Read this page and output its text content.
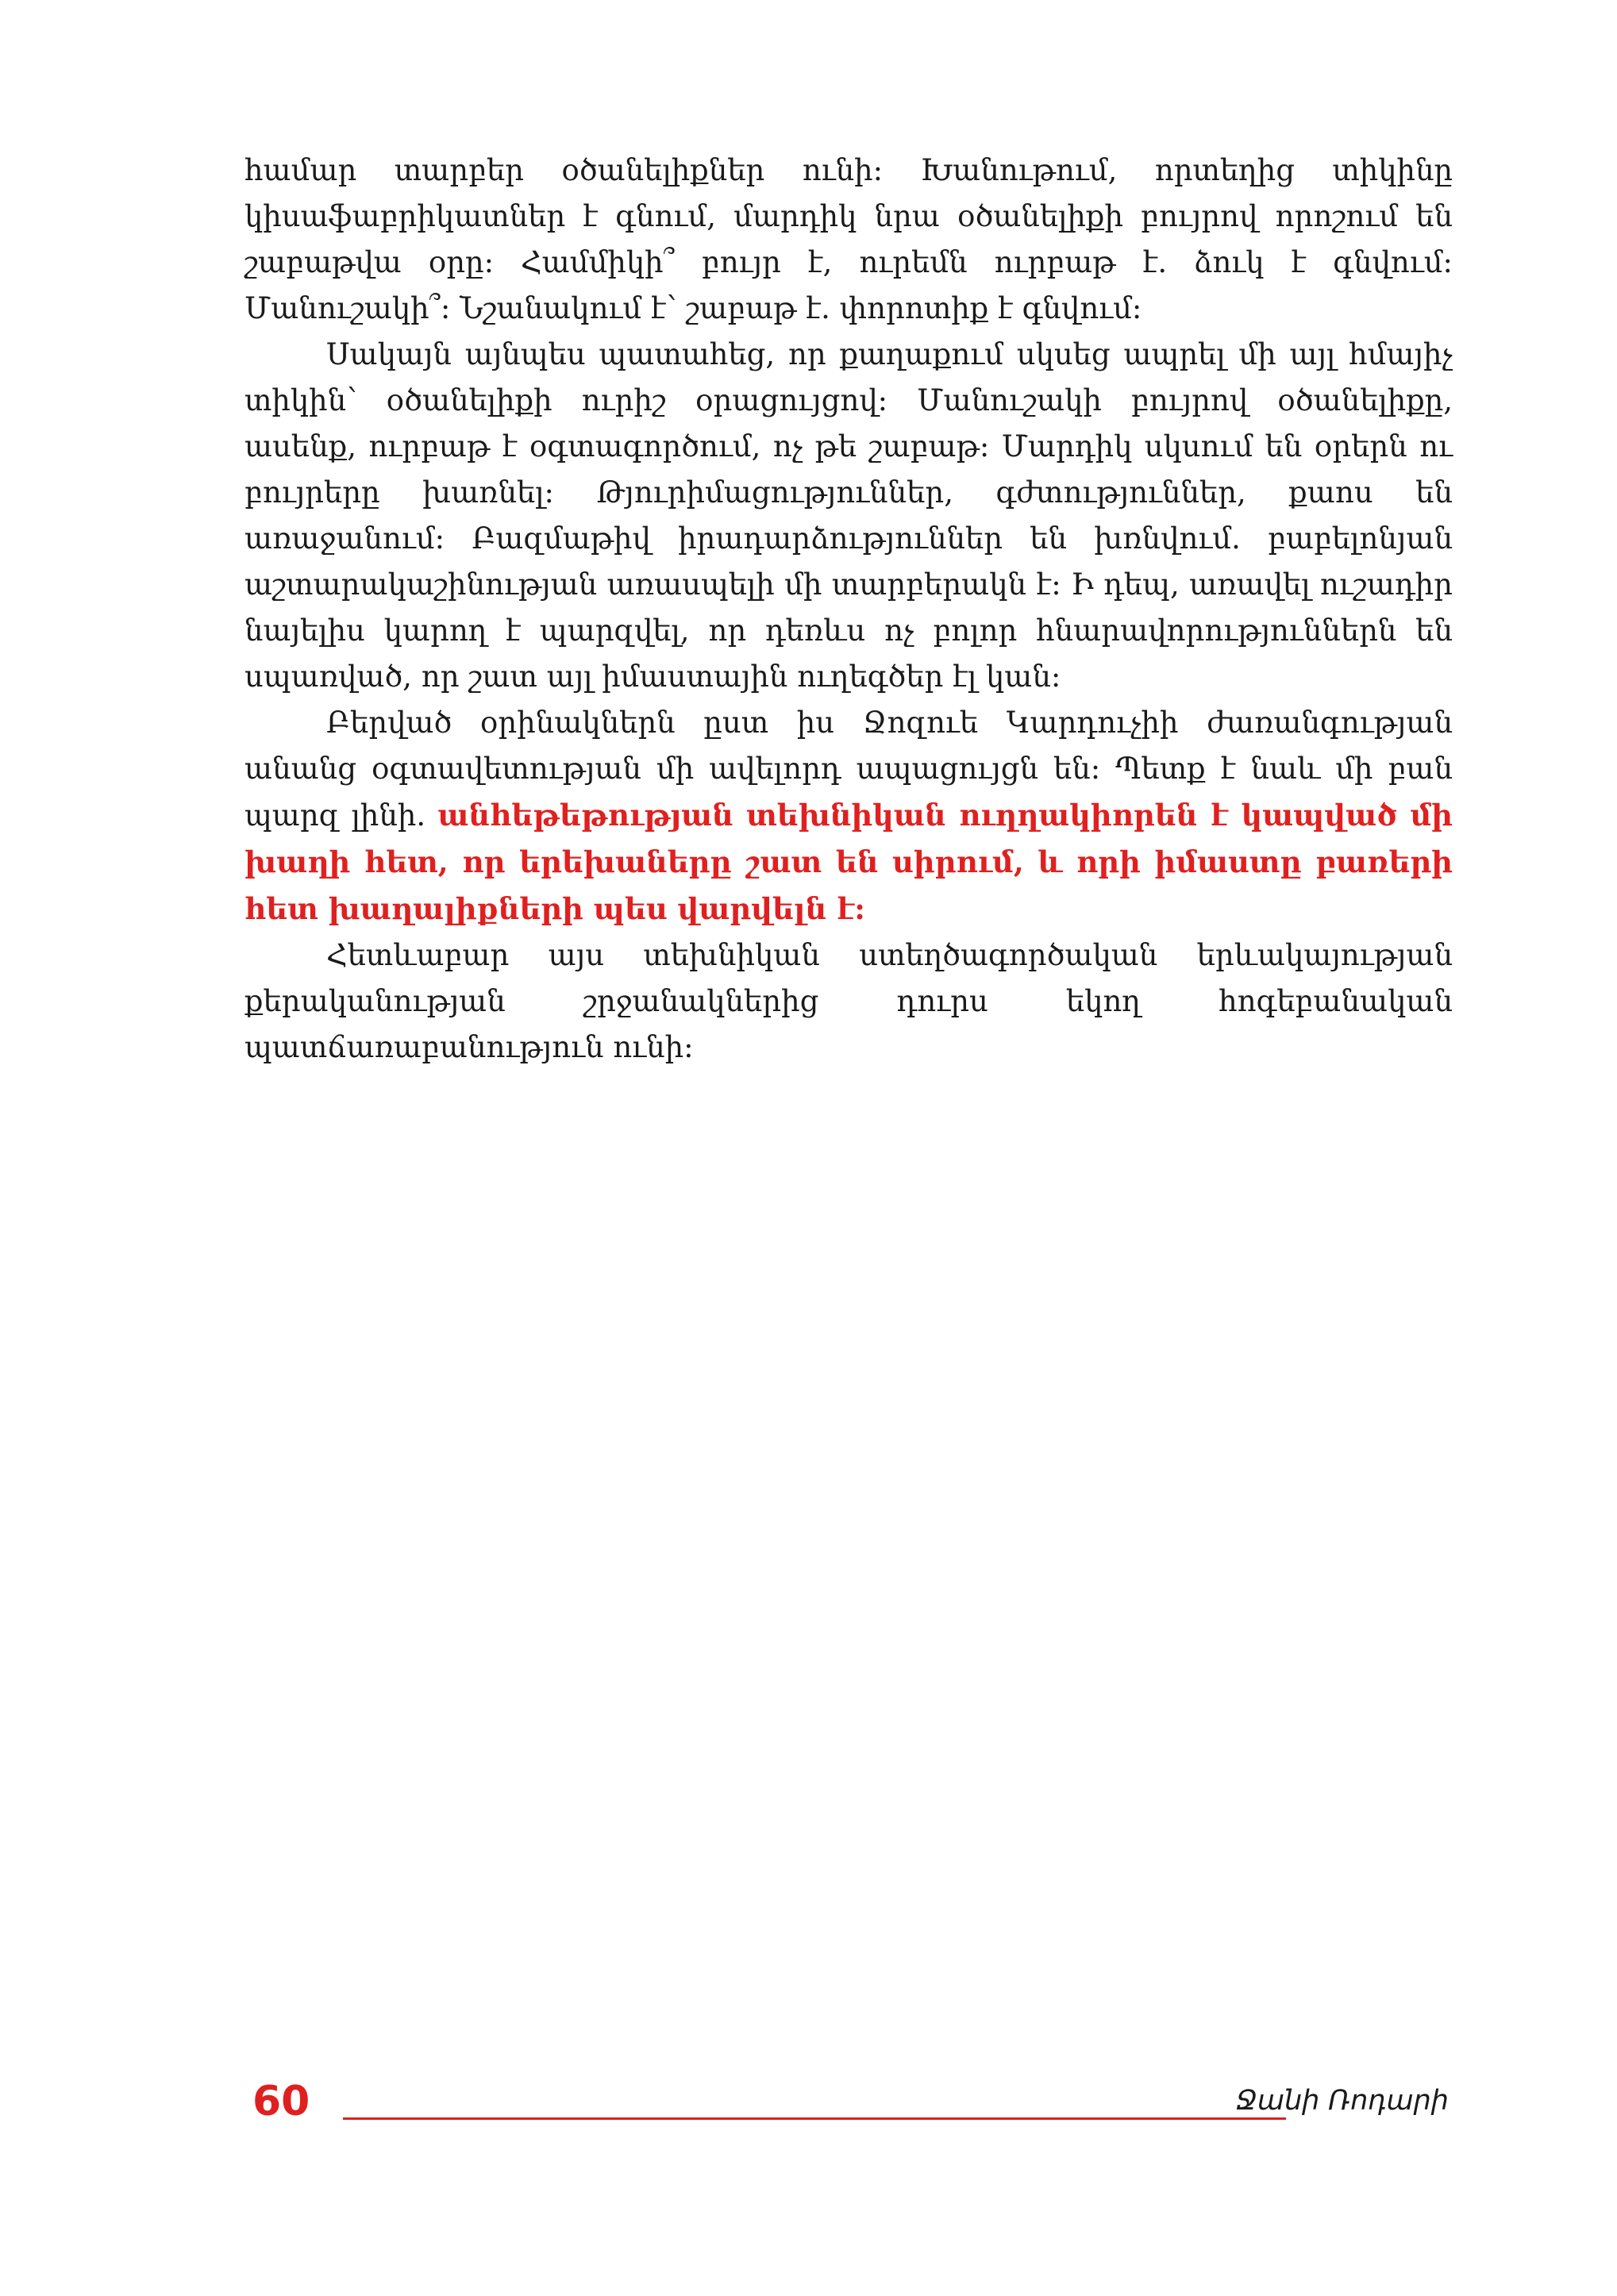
համար տարբեր օծանելիքներ ունի: Խանութում, որտեղից տիկինը կիսաֆաբրիկատներ է գնում, մարդիկ նրա օծանելիքի բույրով որոշում են շաբաթվա օրը: Համմիկի՞ բույր է, ուրեմն ուրբաթ է. ձուկ է գնվում: Մանուշակի՞: Նշանակում է՝ շաբաթ է. փորոտիք է գնվում:

Սակայն այնպես պատահեց, որ քաղաքում սկսեց ապրել մի այլ հմայիչ տիկին՝ օծանելիքի ուրիշ օրացույցով: Մանուշակի բույրով օծանելիքը, ասենք, ուրբաթ է օգտագործում, ոչ թե շաբաթ: Մարդիկ սկսում են օրերն ու բույրերը խառնել: Թյուրիմացություններ, գժտություններ, քաոս են առաջանում: Բազմաթիվ իրադարձություններ են խռնվում. բաբելոնյան աշտարակաշինության առասպելի մի տարբերակն է: Ի դեպ, առավել ուշադիր նայելիս կարող է պարզվել, որ դեռևս ոչ բոլոր հնարավորություններն են սպառված, որ շատ այլ իմաստային ուղեգծեր էլ կան:

Բերված օրինակներն ըստ իս Ջոզուե Կարդուչիի ժառանգության անանց օգտավետության մի ավելորդ ապացույցն են: Պետք է նաև մի բան պարզ լինի. անհեթեթության տեխնիկան ուղղակիորեն է կապված մի խաղի հետ, որ երեխաները շատ են սիրում, և որի իմաստը բառերի հետ խաղալիքների պես վարվելն է:

Հետևաբար այս տեխնիկան ստեղծագործական երևակայության քերականության շրջանակներից դուրս եկող հոգեբանական պատճառաբանություն ունի:

60	Ջանի Ռոդարի
